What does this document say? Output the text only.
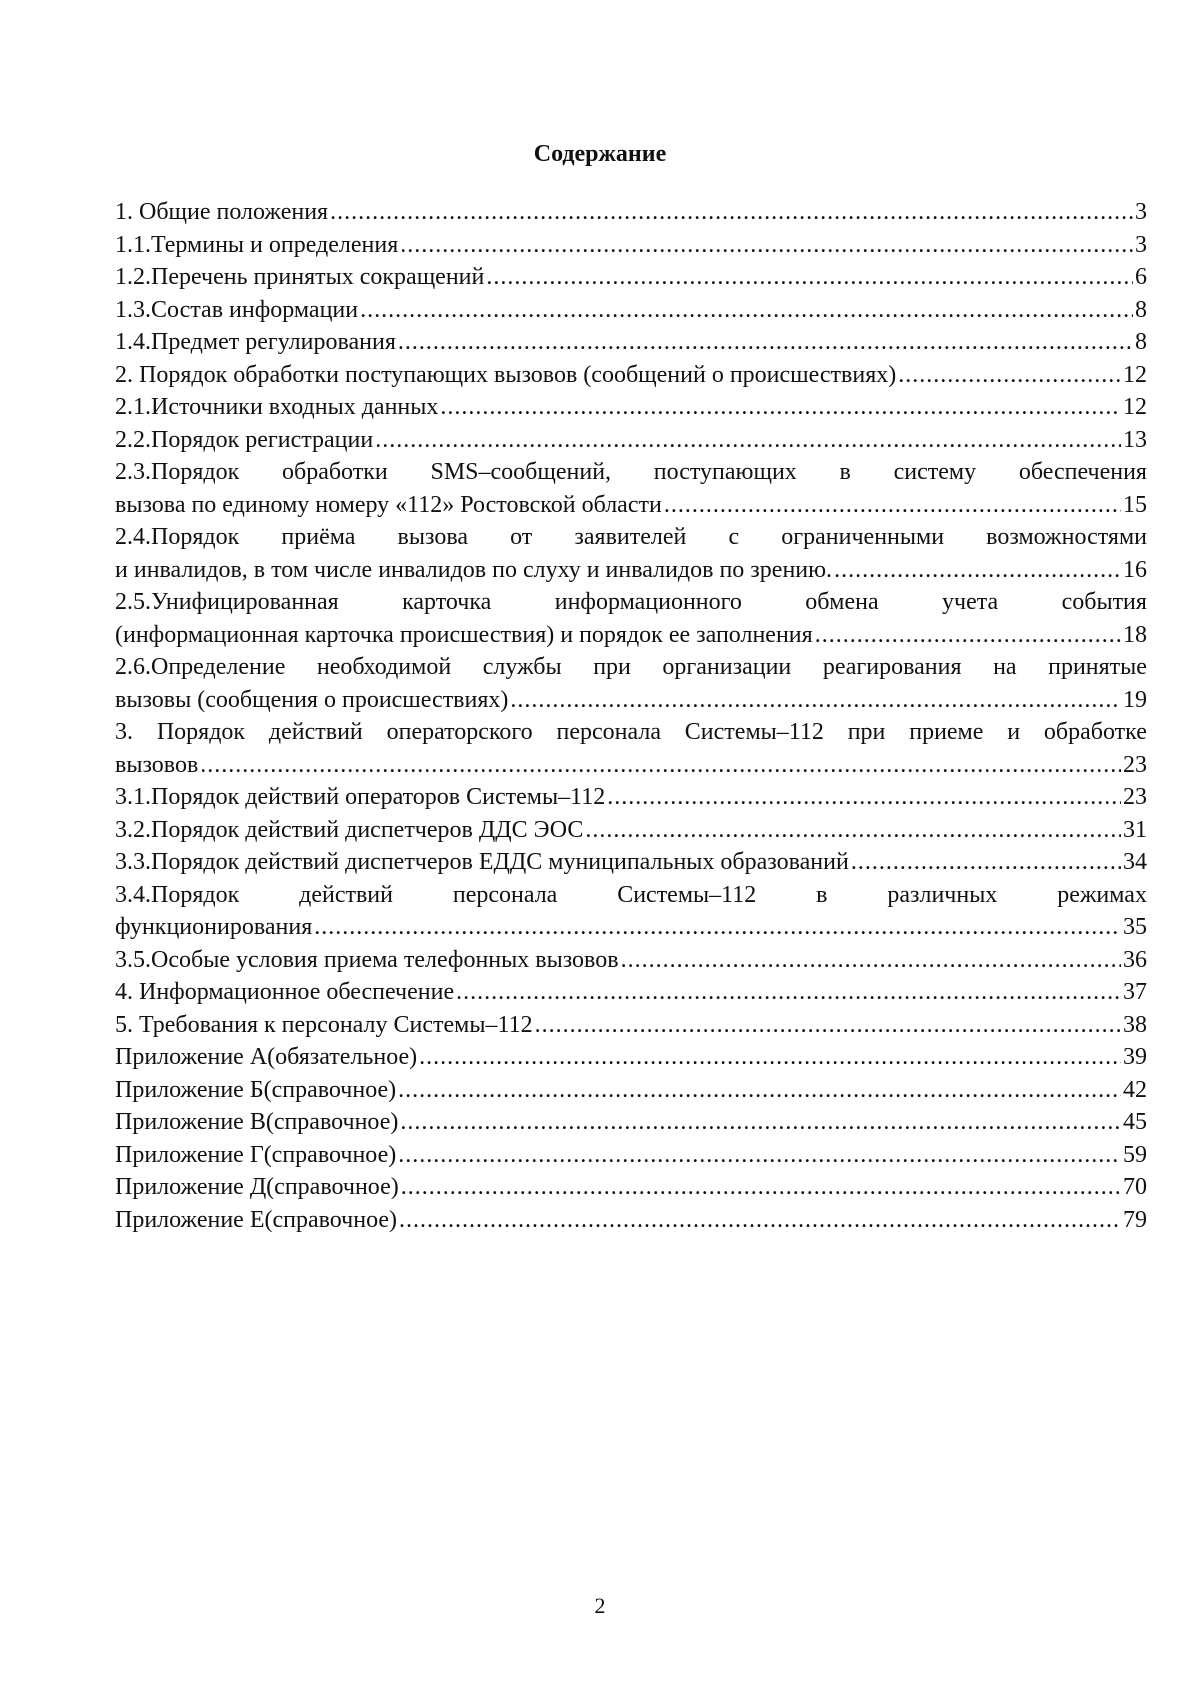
Содержание
1. Общие положения .....	3
1.1.Термины и определения .....	3
1.2.Перечень принятых сокращений .....	6
1.3.Состав информации .....	8
1.4.Предмет регулирования .....	8
2. Порядок обработки поступающих вызовов (сообщений о происшествиях) .....	12
2.1.Источники входных данных .....	12
2.2.Порядок регистрации .....	13
2.3.Порядок обработки SMS–сообщений, поступающих в систему обеспечения
вызова по единому номеру «112» Ростовской области .....	15
2.4.Порядок приёма вызова от заявителей с ограниченными возможностями
и инвалидов, в том числе инвалидов по слуху и инвалидов по зрению. .....	16
2.5.Унифицированная	карточка	информационного	обмена	учета	события
(информационная карточка происшествия) и порядок ее заполнения .....	18
2.6.Определение необходимой службы при организации реагирования на принятые
вызовы (сообщения о происшествиях) .....	19
3. Порядок действий операторского персонала Системы–112 при приеме и обработке
вызовов .....	23
3.1.Порядок действий операторов Системы–112 .....	23
3.2.Порядок действий диспетчеров ДДС ЭОС .....	31
3.3.Порядок действий диспетчеров ЕДДС муниципальных образований .....	34
3.4.Порядок действий персонала Системы–112 в различных режимах
функционирования .....	35
3.5.Особые условия приема телефонных вызовов .....	36
4. Информационное обеспечение .....	37
5. Требования к персоналу Системы–112 .....	38
Приложение А(обязательное) .....	39
Приложение Б(справочное) .....	42
Приложение В(справочное) .....	45
Приложение Г(справочное) .....	59
Приложение Д(справочное) .....	70
Приложение Е(справочное) .....	79
2
